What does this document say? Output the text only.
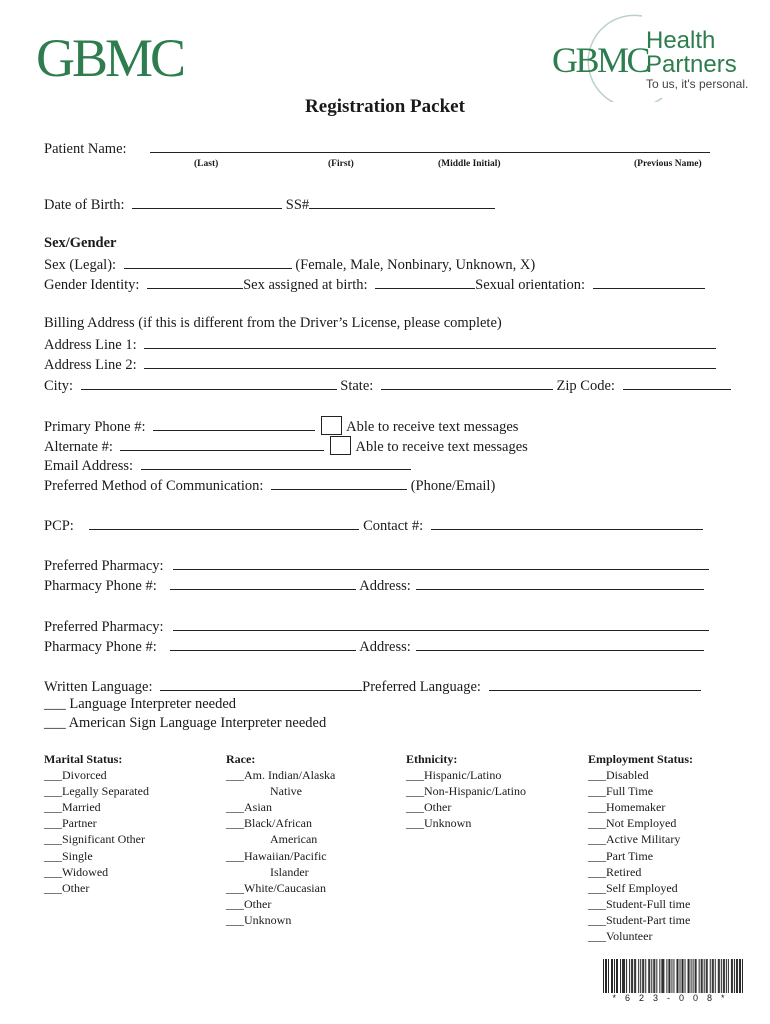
GBMC	GBMC
Health
Partners
To us, it's personal.
Registration Packet
Patient Name:
(Last)	(First)	(Middle Initial)	(Previous Name)
Date of Birth:	SS#
Sex/Gender
Sex (Legal):	(Female, Male, Nonbinary, Unknown, X)
Gender Identity:	Sex assigned at birth:	Sexual orientation:
Billing Address (if this is different from the Driver’s License, please complete)
Address Line 1:
Address Line 2:
City:	State:	Zip Code:
Primary Phone #:	Able to receive text messages
Alternate #:	Able to receive text messages
Email Address:
Preferred Method of Communication:	(Phone/Email)
PCP:	Contact #:
Preferred Pharmacy:
Pharmacy Phone #:	Address:
Preferred Pharmacy:
Pharmacy Phone #:	Address:
Written Language:	Preferred Language:
___ Language Interpreter needed
___ American Sign Language Interpreter needed
Marital Status:
___Divorced
___Legally Separated
___Married
___Partner
___Significant Other
___Single
___Widowed
___Other
Race:
___Am. Indian/Alaska
Native
___Asian
___Black/African
American
___Hawaiian/Pacific
Islander
___White/Caucasian
___Other
___Unknown
Ethnicity:
___Hispanic/Latino
___Non-Hispanic/Latino
___Other
___Unknown
Employment Status:
___Disabled
___Full Time
___Homemaker
___Not Employed
___Active Military
___Part Time
___Retired
___Self Employed
___Student-Full time
___Student-Part time
___Volunteer
*623-008*
